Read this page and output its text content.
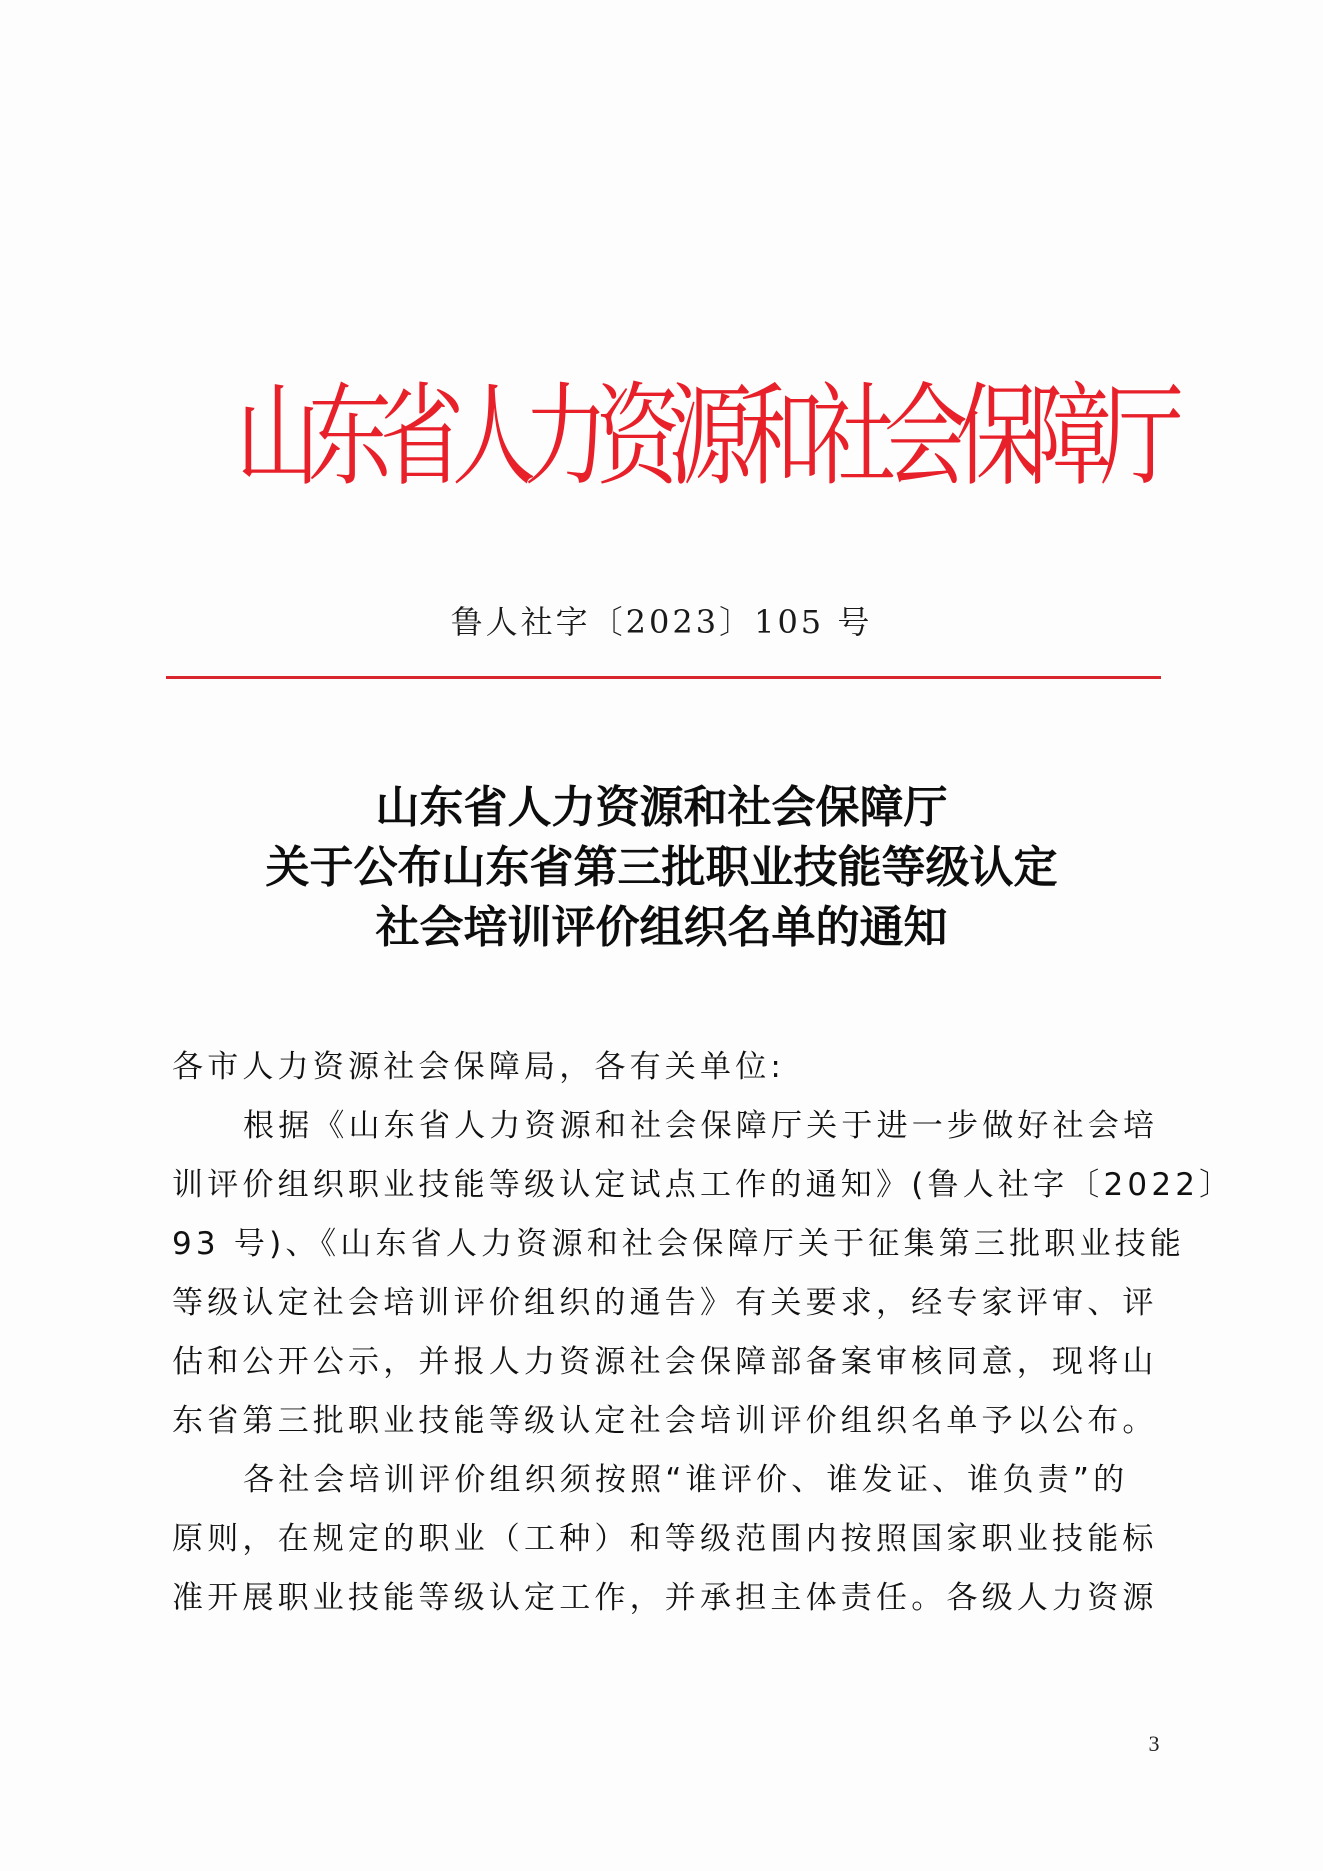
山东省人力资源和社会保障厅
鲁人社字〔2023〕105 号
山东省人力资源和社会保障厅
关于公布山东省第三批职业技能等级认定
社会培训评价组织名单的通知
各市人力资源社会保障局，各有关单位:
根据《山东省人力资源和社会保障厅关于进一步做好社会培
训评价组织职业技能等级认定试点工作的通知》(鲁人社字〔2022〕
93 号)、《山东省人力资源和社会保障厅关于征集第三批职业技能
等级认定社会培训评价组织的通告》有关要求，经专家评审、评
估和公开公示，并报人力资源社会保障部备案审核同意，现将山
东省第三批职业技能等级认定社会培训评价组织名单予以公布。
各社会培训评价组织须按照“谁评价、谁发证、谁负责”的
原则，在规定的职业（工种）和等级范围内按照国家职业技能标
准开展职业技能等级认定工作，并承担主体责任。各级人力资源
3
